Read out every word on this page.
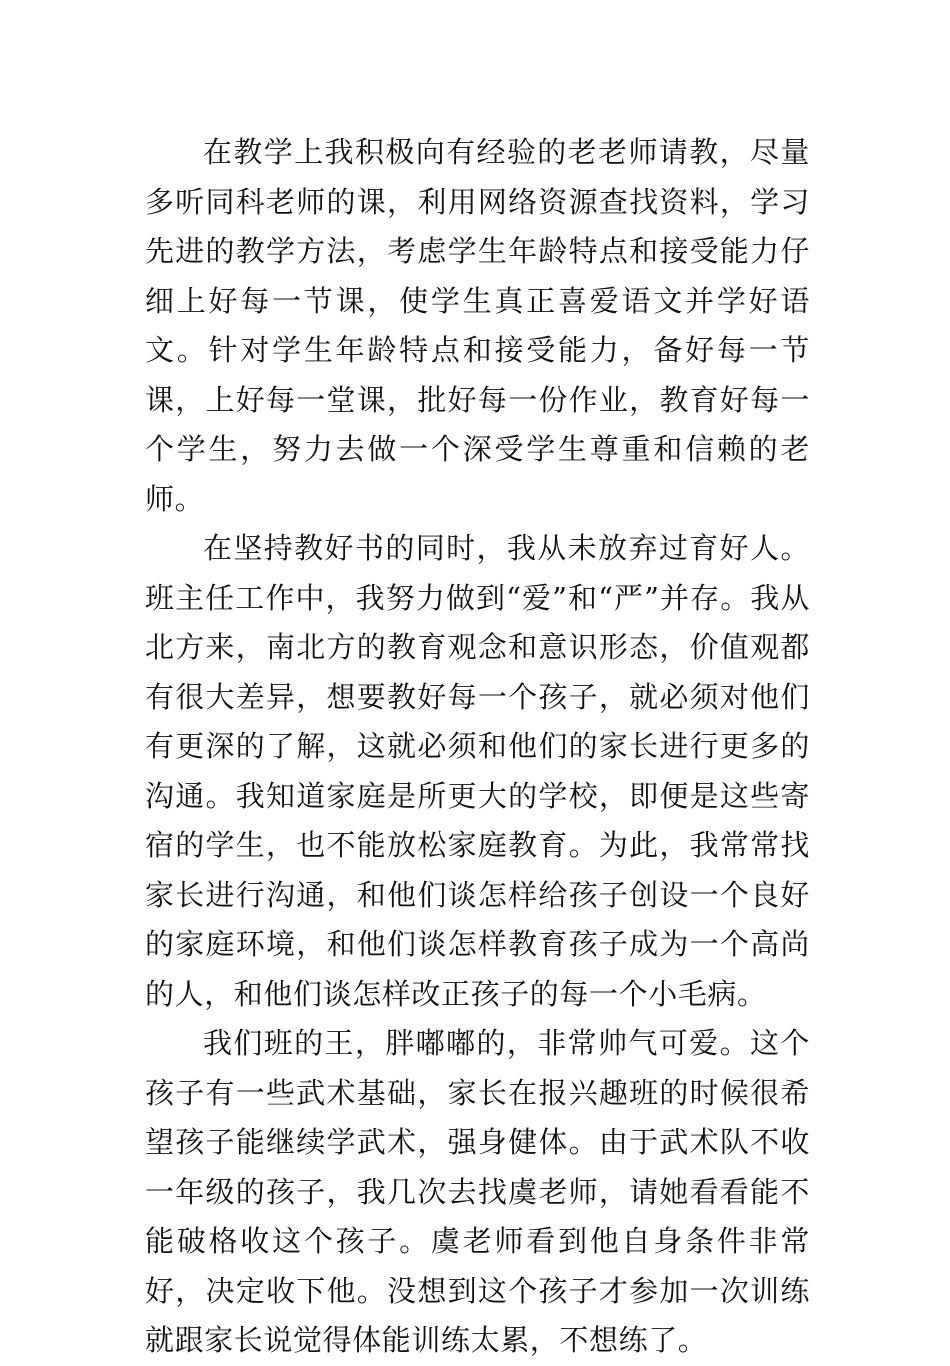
在教学上我积极向有经验的老老师请教，尽量多听同科老师的课，利用网络资源查找资料，学习先进的教学方法，考虑学生年龄特点和接受能力仔细上好每一节课，使学生真正喜爱语文并学好语文。针对学生年龄特点和接受能力，备好每一节课，上好每一堂课，批好每一份作业，教育好每一个学生，努力去做一个深受学生尊重和信赖的老师。

在坚持教好书的同时，我从未放弃过育好人。班主任工作中，我努力做到“爱”和“严”并存。我从北方来，南北方的教育观念和意识形态，价值观都有很大差异，想要教好每一个孩子，就必须对他们有更深的了解，这就必须和他们的家长进行更多的沟通。我知道家庭是所更大的学校，即便是这些寄宿的学生，也不能放松家庭教育。为此，我常常找家长进行沟通，和他们谈怎样给孩子创设一个良好的家庭环境，和他们谈怎样教育孩子成为一个高尚的人，和他们谈怎样改正孩子的每一个小毛病。

我们班的王，胖嘟嘟的，非常帅气可爱。这个孩子有一些武术基础，家长在报兴趣班的时候很希望孩子能继续学武术，强身健体。由于武术队不收一年级的孩子，我几次去找虞老师，请她看看能不能破格收这个孩子。虞老师看到他自身条件非常好，决定收下他。没想到这个孩子才参加一次训练就跟家长说觉得体能训练太累，不想练了。
